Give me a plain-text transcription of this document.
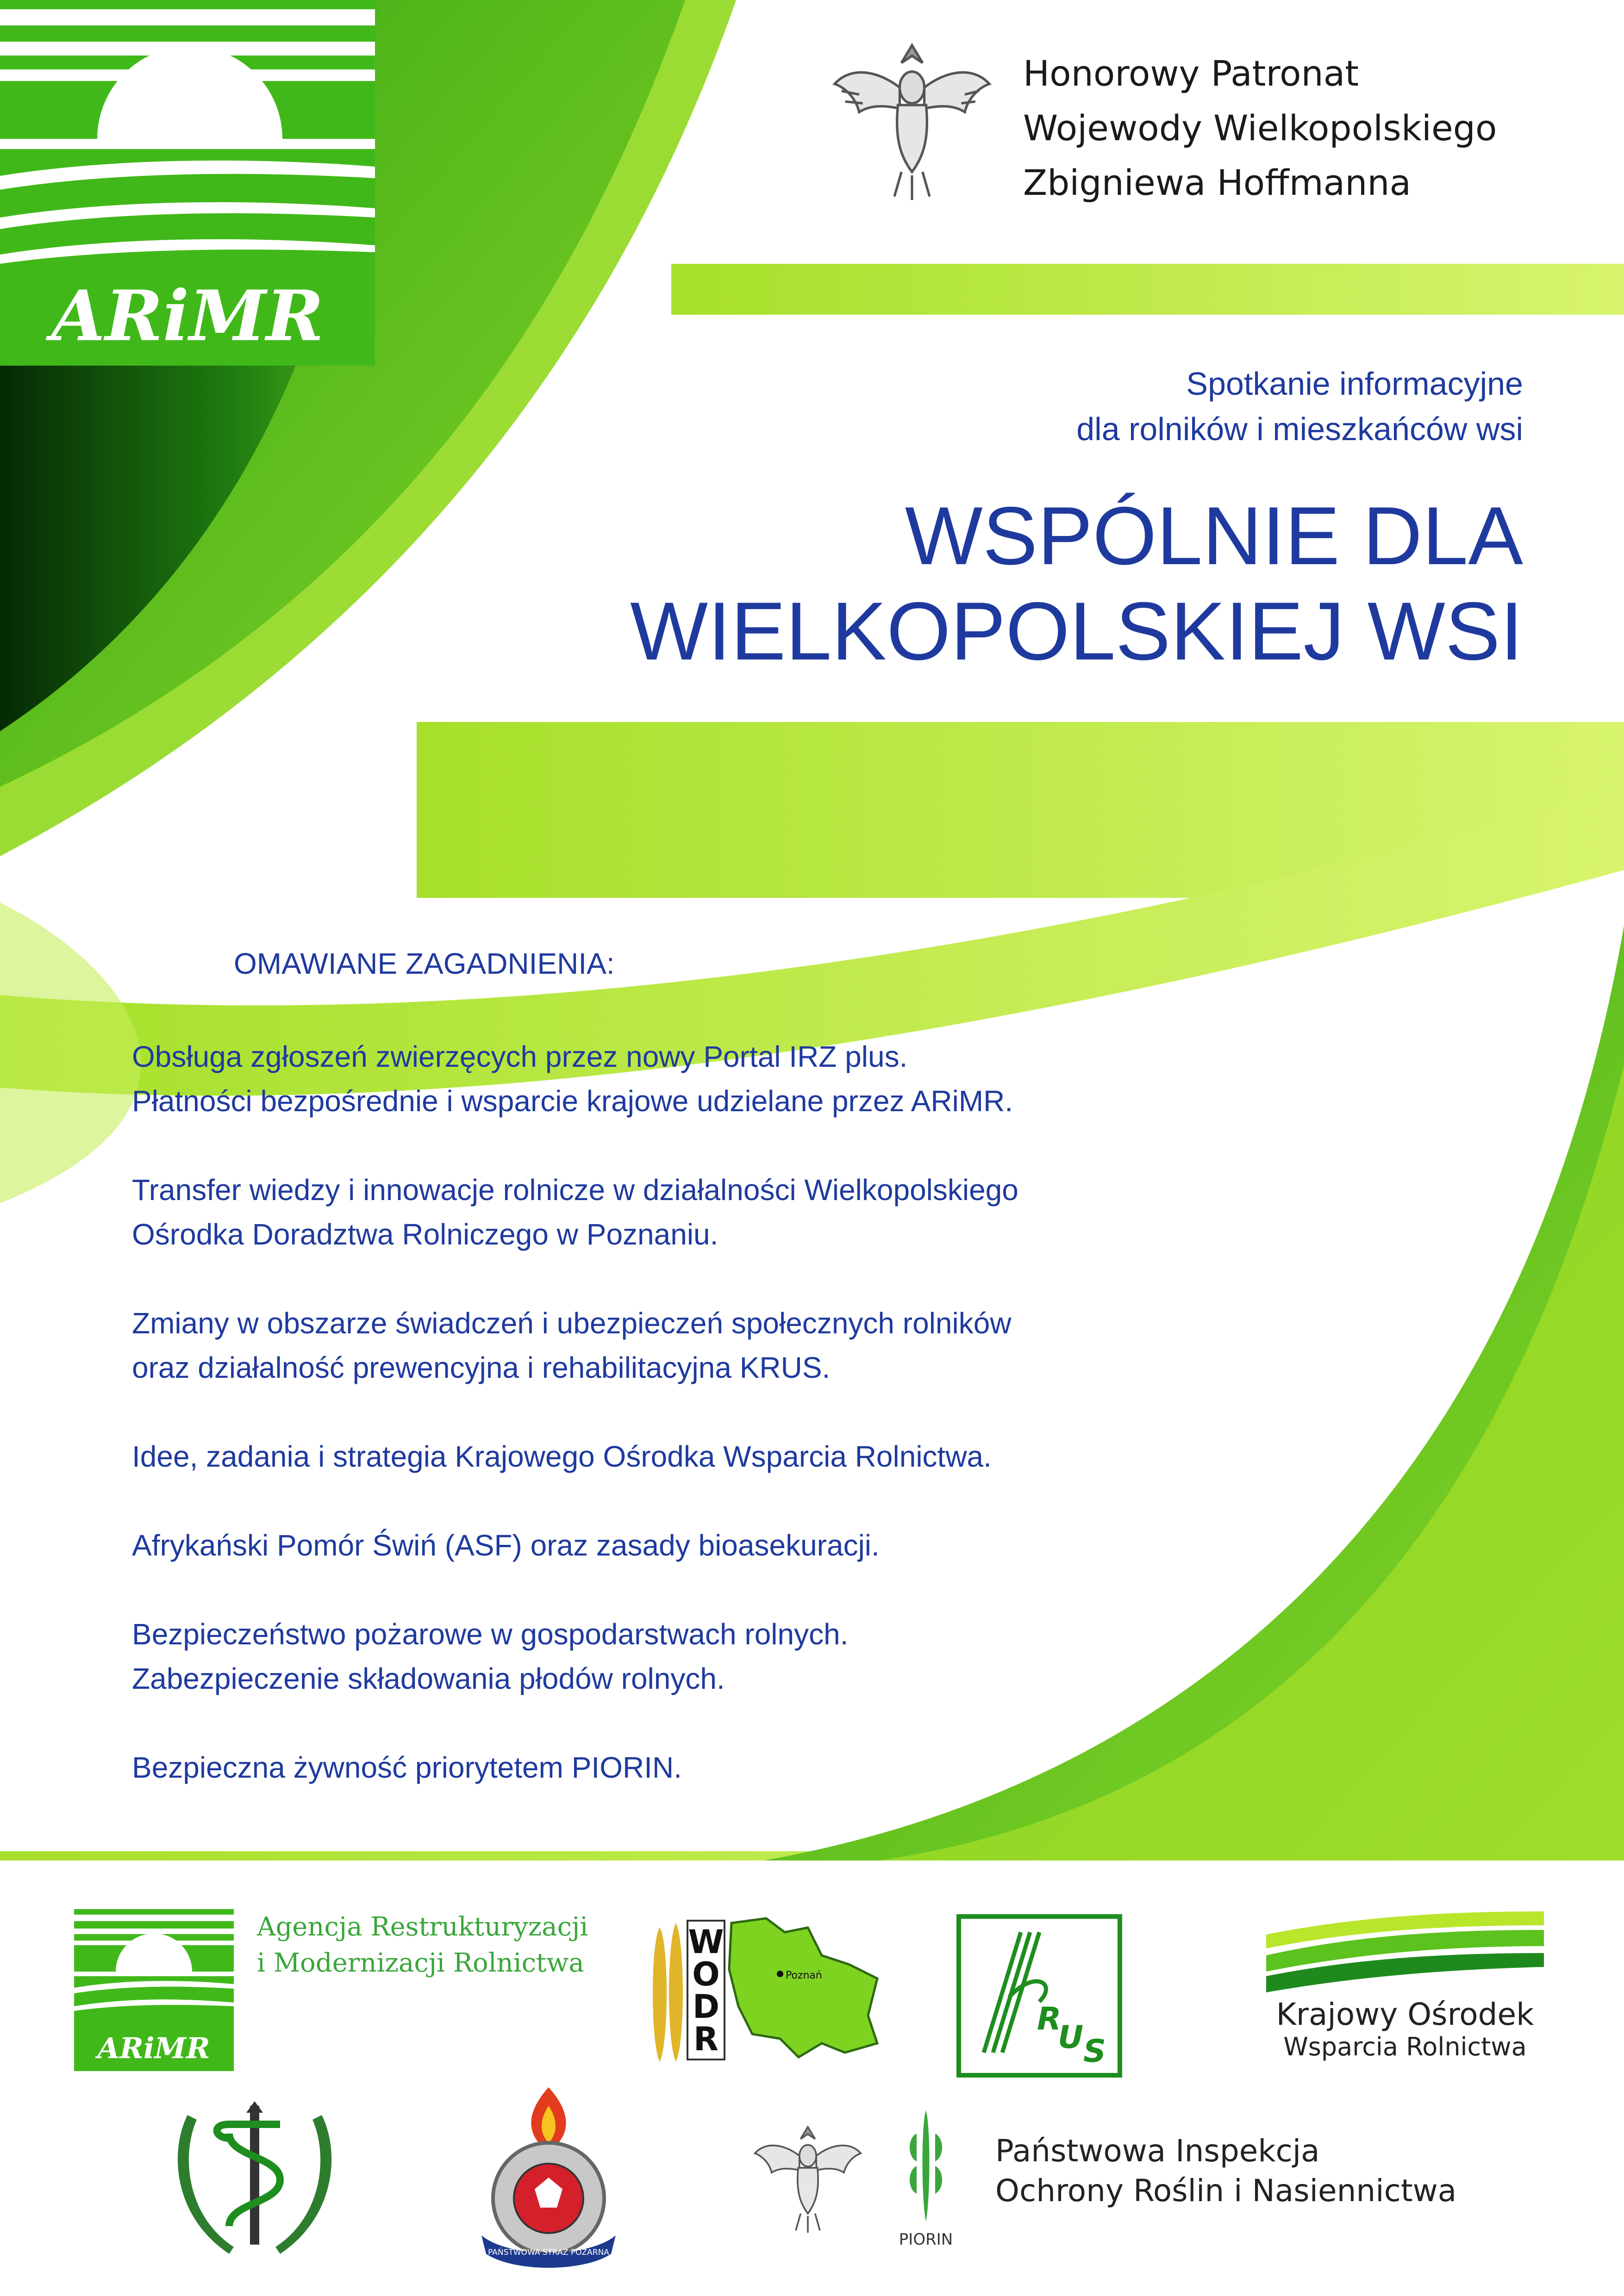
ARiMR
Honorowy Patronat
Wojewody Wielkopolskiego
Zbigniewa Hoffmanna
Spotkanie informacyjne
dla rolników i mieszkańców wsi
WSPÓLNIE DLA
WIELKOPOLSKIEJ WSI
OMAWIANE ZAGADNIENIA:
Obsługa zgłoszeń zwierzęcych przez nowy Portal IRZ plus.
Płatności bezpośrednie i wsparcie krajowe udzielane przez ARiMR.
Transfer wiedzy i innowacje rolnicze w działalności Wielkopolskiego
Ośrodka Doradztwa Rolniczego w Poznaniu.
Zmiany w obszarze świadczeń i ubezpieczeń społecznych rolników
oraz działalność prewencyjna i rehabilitacyjna KRUS.
Idee, zadania i strategia Krajowego Ośrodka Wsparcia Rolnictwa.
Afrykański Pomór Świń (ASF) oraz zasady bioasekuracji.
Bezpieczeństwo pożarowe w gospodarstwach rolnych.
Zabezpieczenie składowania płodów rolnych.
Bezpieczna żywność priorytetem PIORIN.
ARiMR
Agencja Restrukturyzacji
i Modernizacji Rolnictwa
W
O
D
R
Poznań
R
U S
Krajowy Ośrodek
Wsparcia Rolnictwa
PAŃSTWOWA STRAŻ POŻARNA
PIORIN
Państwowa Inspekcja
Ochrony Roślin i Nasiennictwa
